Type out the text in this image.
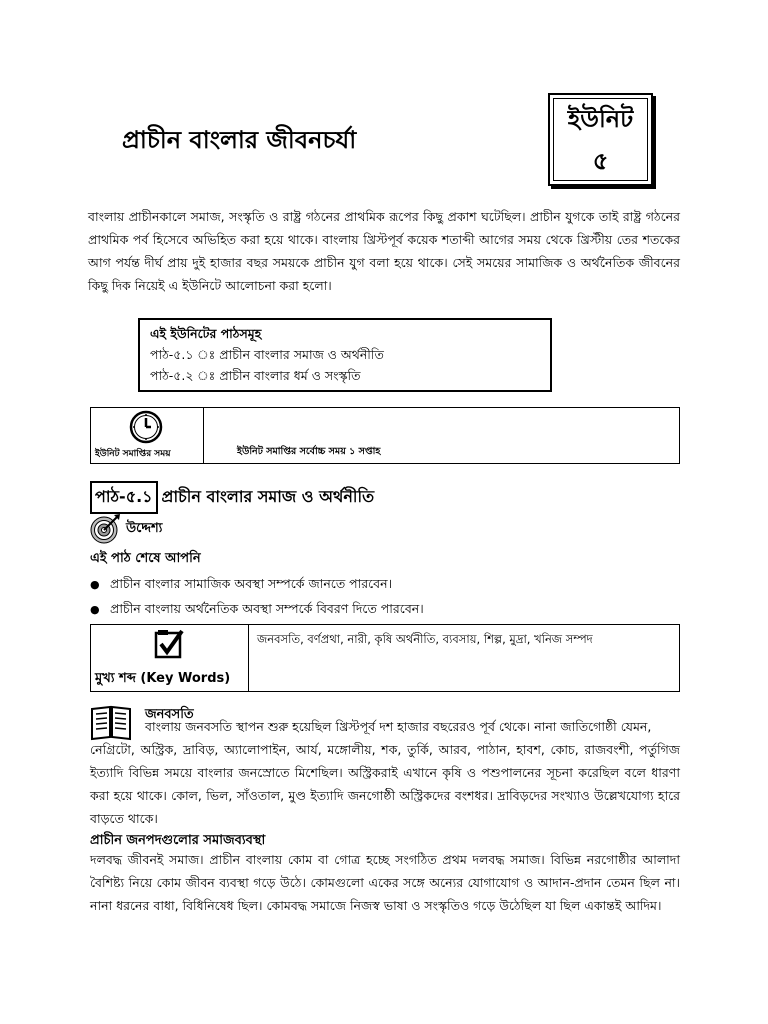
প্রাচীন বাংলার জীবনচর্যা
ইউনিট
৫
বাংলায় প্রাচীনকালে সমাজ, সংস্কৃতি ও রাষ্ট্র গঠনের প্রাথমিক রূপের কিছু প্রকাশ ঘটেছিল। প্রাচীন যুগকে তাই রাষ্ট্র গঠনের প্রাথমিক পর্ব হিসেবে অভিহিত করা হয়ে থাকে। বাংলায় খ্রিস্টপূর্ব কয়েক শতাব্দী আগের সময় থেকে খ্রিস্টীয় তের শতকের আগ পর্যন্ত দীর্ঘ প্রায় দুই হাজার বছর সময়কে প্রাচীন যুগ বলা হয়ে থাকে। সেই সময়ের সামাজিক ও অর্থনৈতিক জীবনের কিছু দিক নিয়েই এ ইউনিটে আলোচনা করা হলো।
এই ইউনিটের পাঠসমূহ
পাঠ-৫.১ ঃ প্রাচীন বাংলার সমাজ ও অর্থনীতি
পাঠ-৫.২ ঃ প্রাচীন বাংলার ধর্ম ও সংস্কৃতি
ইউনিট সমাপ্তির সময়	ইউনিট সমাপ্তির সর্বোচ্চ সময় ১ সপ্তাহ
পাঠ-৫.১ প্রাচীন বাংলার সমাজ ও অর্থনীতি
উদ্দেশ্য
এই পাঠ শেষে আপনি
● প্রাচীন বাংলার সামাজিক অবস্থা সম্পর্কে জানতে পারবেন।
● প্রাচীন বাংলায় অর্থনৈতিক অবস্থা সম্পর্কে বিবরণ দিতে পারবেন।
মুখ্য শব্দ (Key Words)
জনবসতি, বর্ণপ্রথা, নারী, কৃষি অর্থনীতি, ব্যবসায়, শিল্প, মুদ্রা, খনিজ সম্পদ
জনবসতি
বাংলায় জনবসতি স্থাপন শুরু হয়েছিল খ্রিস্টপূর্ব দশ হাজার বছরেরও পূর্ব থেকে। নানা জাতিগোষ্ঠী যেমন,
নেগ্রিটো, অস্ট্রিক, দ্রাবিড়, অ্যালোপাইন, আর্য, মঙ্গোলীয়, শক, তুর্কি, আরব, পাঠান, হাবশ, কোচ, রাজবংশী, পর্তুগিজ ইত্যাদি বিভিন্ন সময়ে বাংলার জনস্রোতে মিশেছিল। অস্ট্রিকরাই এখানে কৃষি ও পশুপালনের সূচনা করেছিল বলে ধারণা করা হয়ে থাকে। কোল, ভিল, সাঁওতাল, মুণ্ড ইত্যাদি জনগোষ্ঠী অস্ট্রিকদের বংশধর। দ্রাবিড়দের সংখ্যাও উল্লেখযোগ্য হারে বাড়তে থাকে।
প্রাচীন জনপদগুলোর সমাজব্যবস্থা
দলবদ্ধ জীবনই সমাজ। প্রাচীন বাংলায় কোম বা গোত্র হচ্ছে সংগঠিত প্রথম দলবদ্ধ সমাজ। বিভিন্ন নরগোষ্ঠীর আলাদা বৈশিষ্ট্য নিয়ে কোম জীবন ব্যবস্থা গড়ে উঠে। কোমগুলো একের সঙ্গে অন্যের যোগাযোগ ও আদান-প্রদান তেমন ছিল না। নানা ধরনের বাধা, বিধিনিষেধ ছিল। কোমবদ্ধ সমাজে নিজস্ব ভাষা ও সংস্কৃতিও গড়ে উঠেছিল যা ছিল একান্তই আদিম।
